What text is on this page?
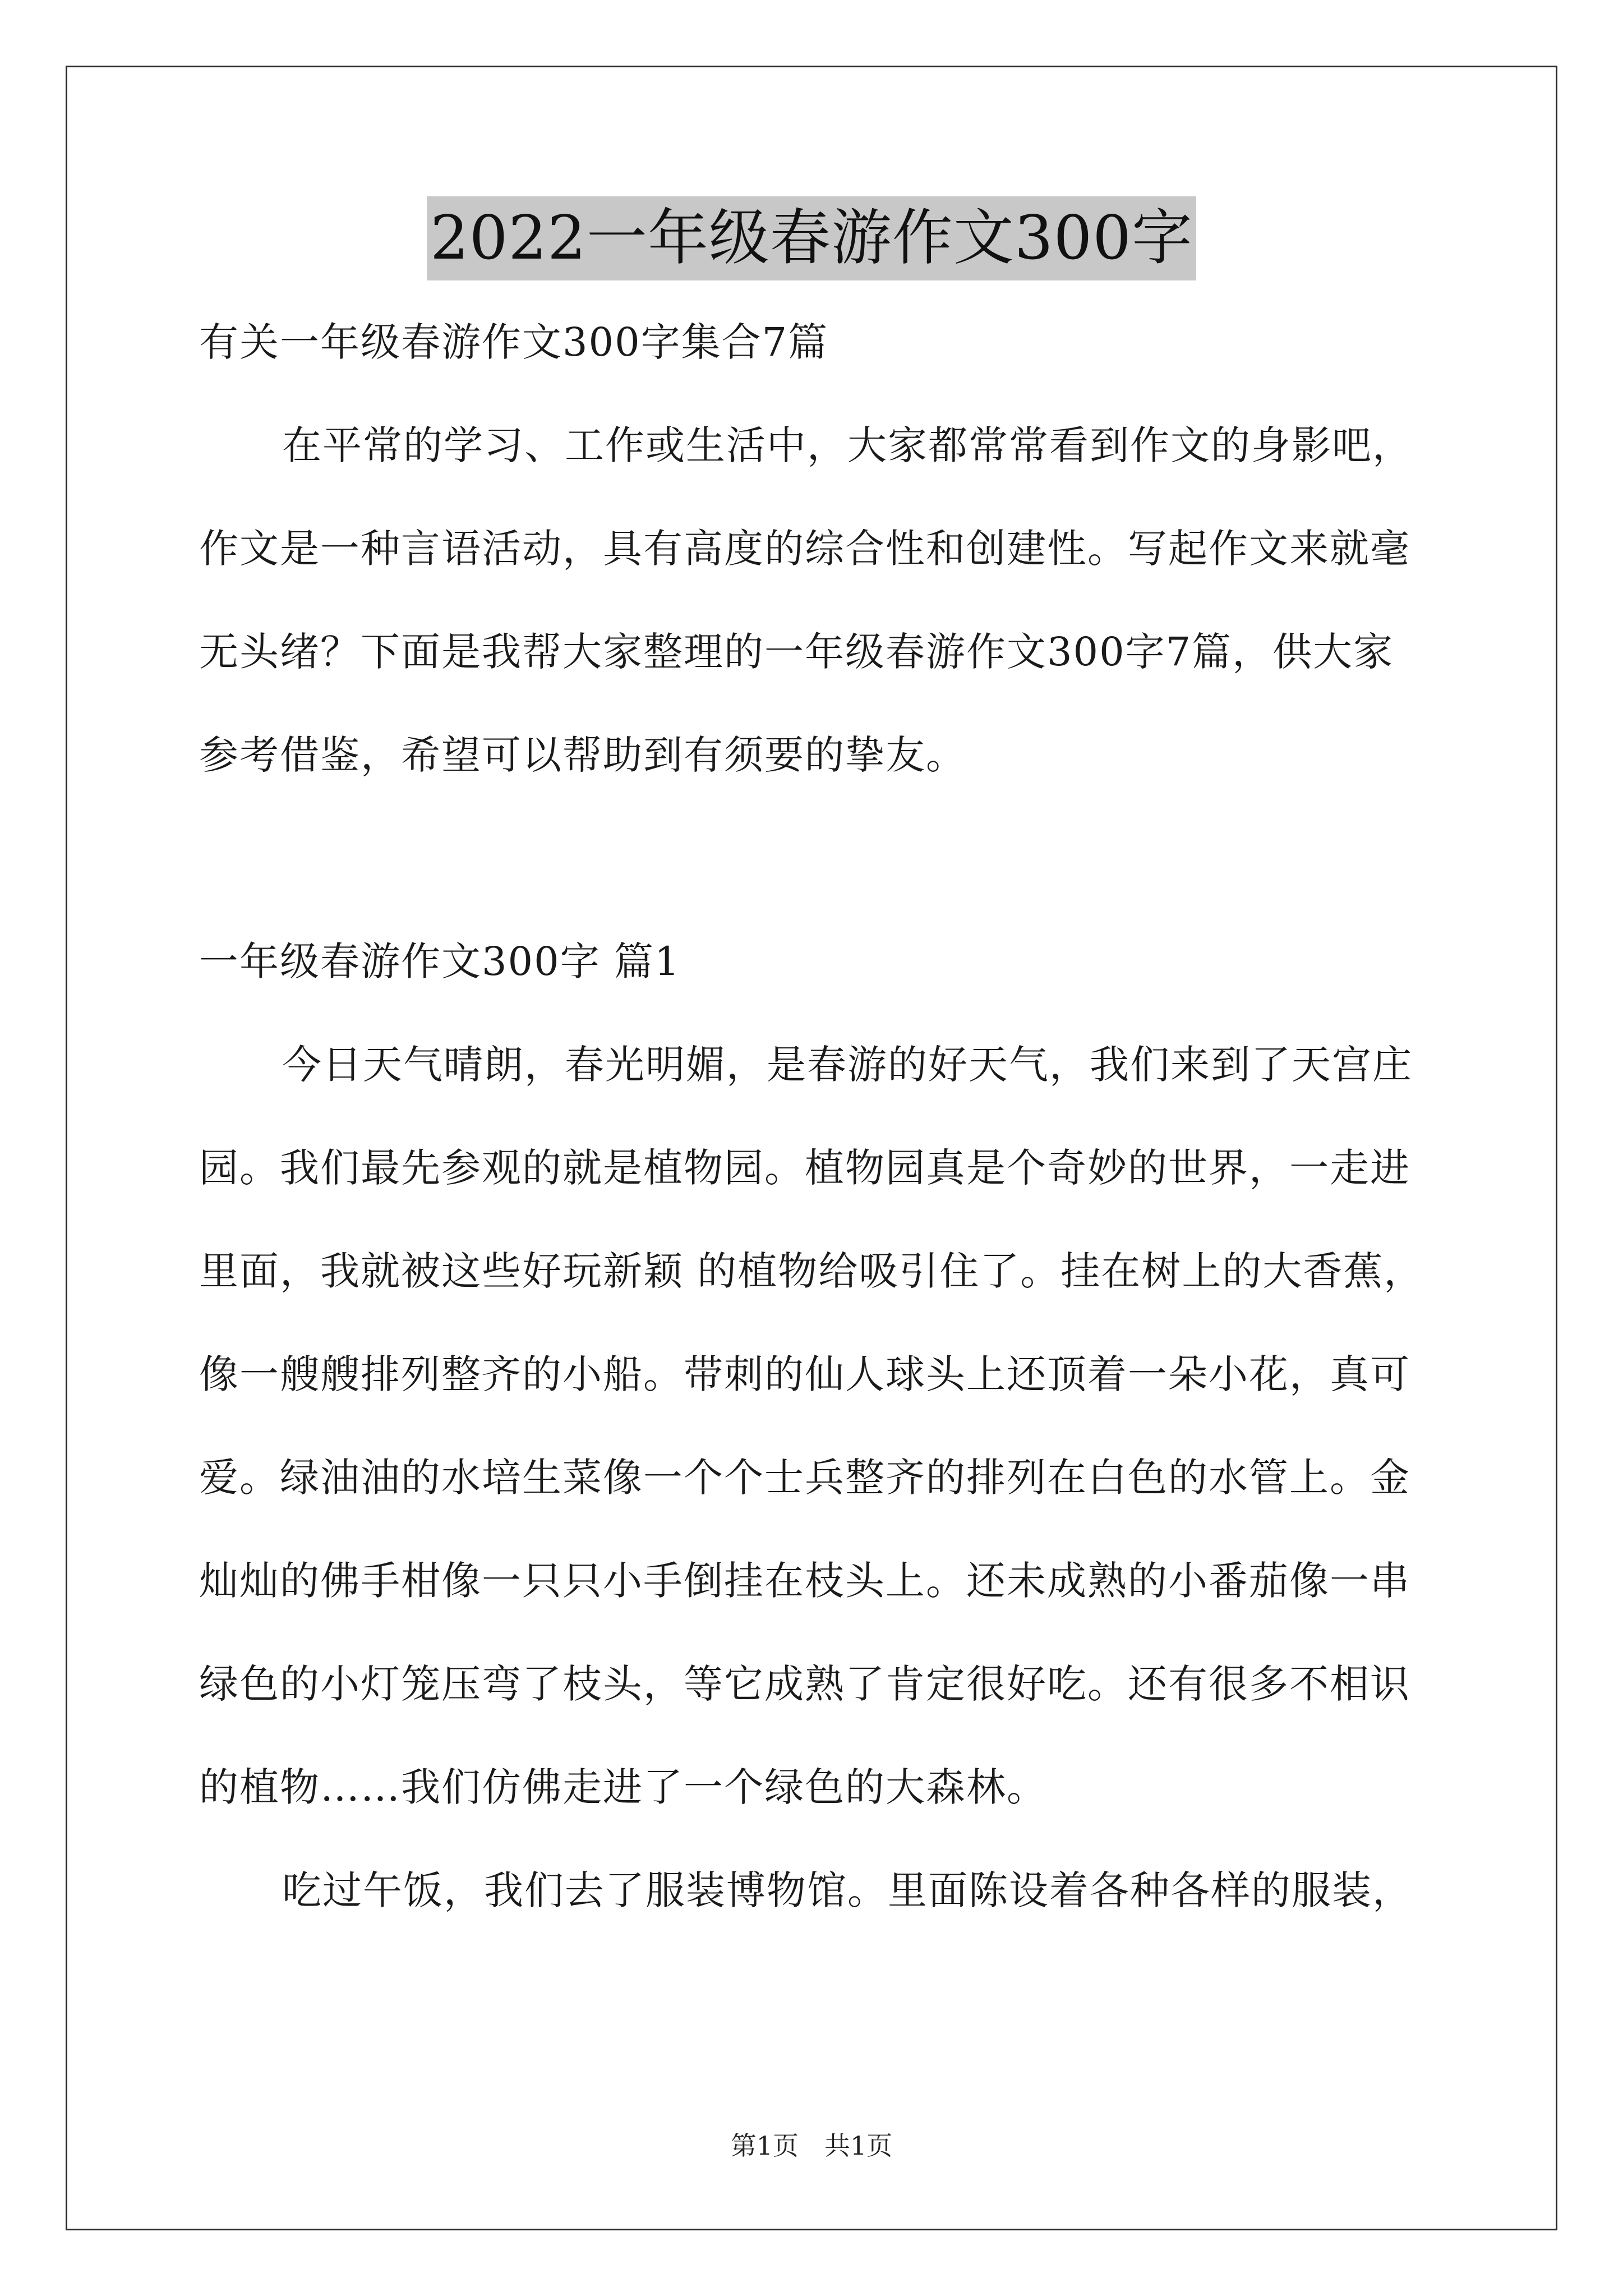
2022一年级春游作文300字
有关一年级春游作文300字集合7篇
在平常的学习、工作或生活中，大家都常常看到作文的身影吧，
作文是一种言语活动，具有高度的综合性和创建性。写起作文来就毫
无头绪？下面是我帮大家整理的一年级春游作文300字7篇，供大家
参考借鉴，希望可以帮助到有须要的挚友。
一年级春游作文300字 篇1
今日天气晴朗，春光明媚，是春游的好天气，我们来到了天宫庄
园。我们最先参观的就是植物园。植物园真是个奇妙的世界，一走进
里面，我就被这些好玩新颖 的植物给吸引住了。挂在树上的大香蕉，
像一艘艘排列整齐的小船。带刺的仙人球头上还顶着一朵小花，真可
爱。绿油油的水培生菜像一个个士兵整齐的排列在白色的水管上。金
灿灿的佛手柑像一只只小手倒挂在枝头上。还未成熟的小番茄像一串
绿色的小灯笼压弯了枝头，等它成熟了肯定很好吃。还有很多不相识
的植物……我们仿佛走进了一个绿色的大森林。
吃过午饭，我们去了服装博物馆。里面陈设着各种各样的服装，
第1页　共1页
